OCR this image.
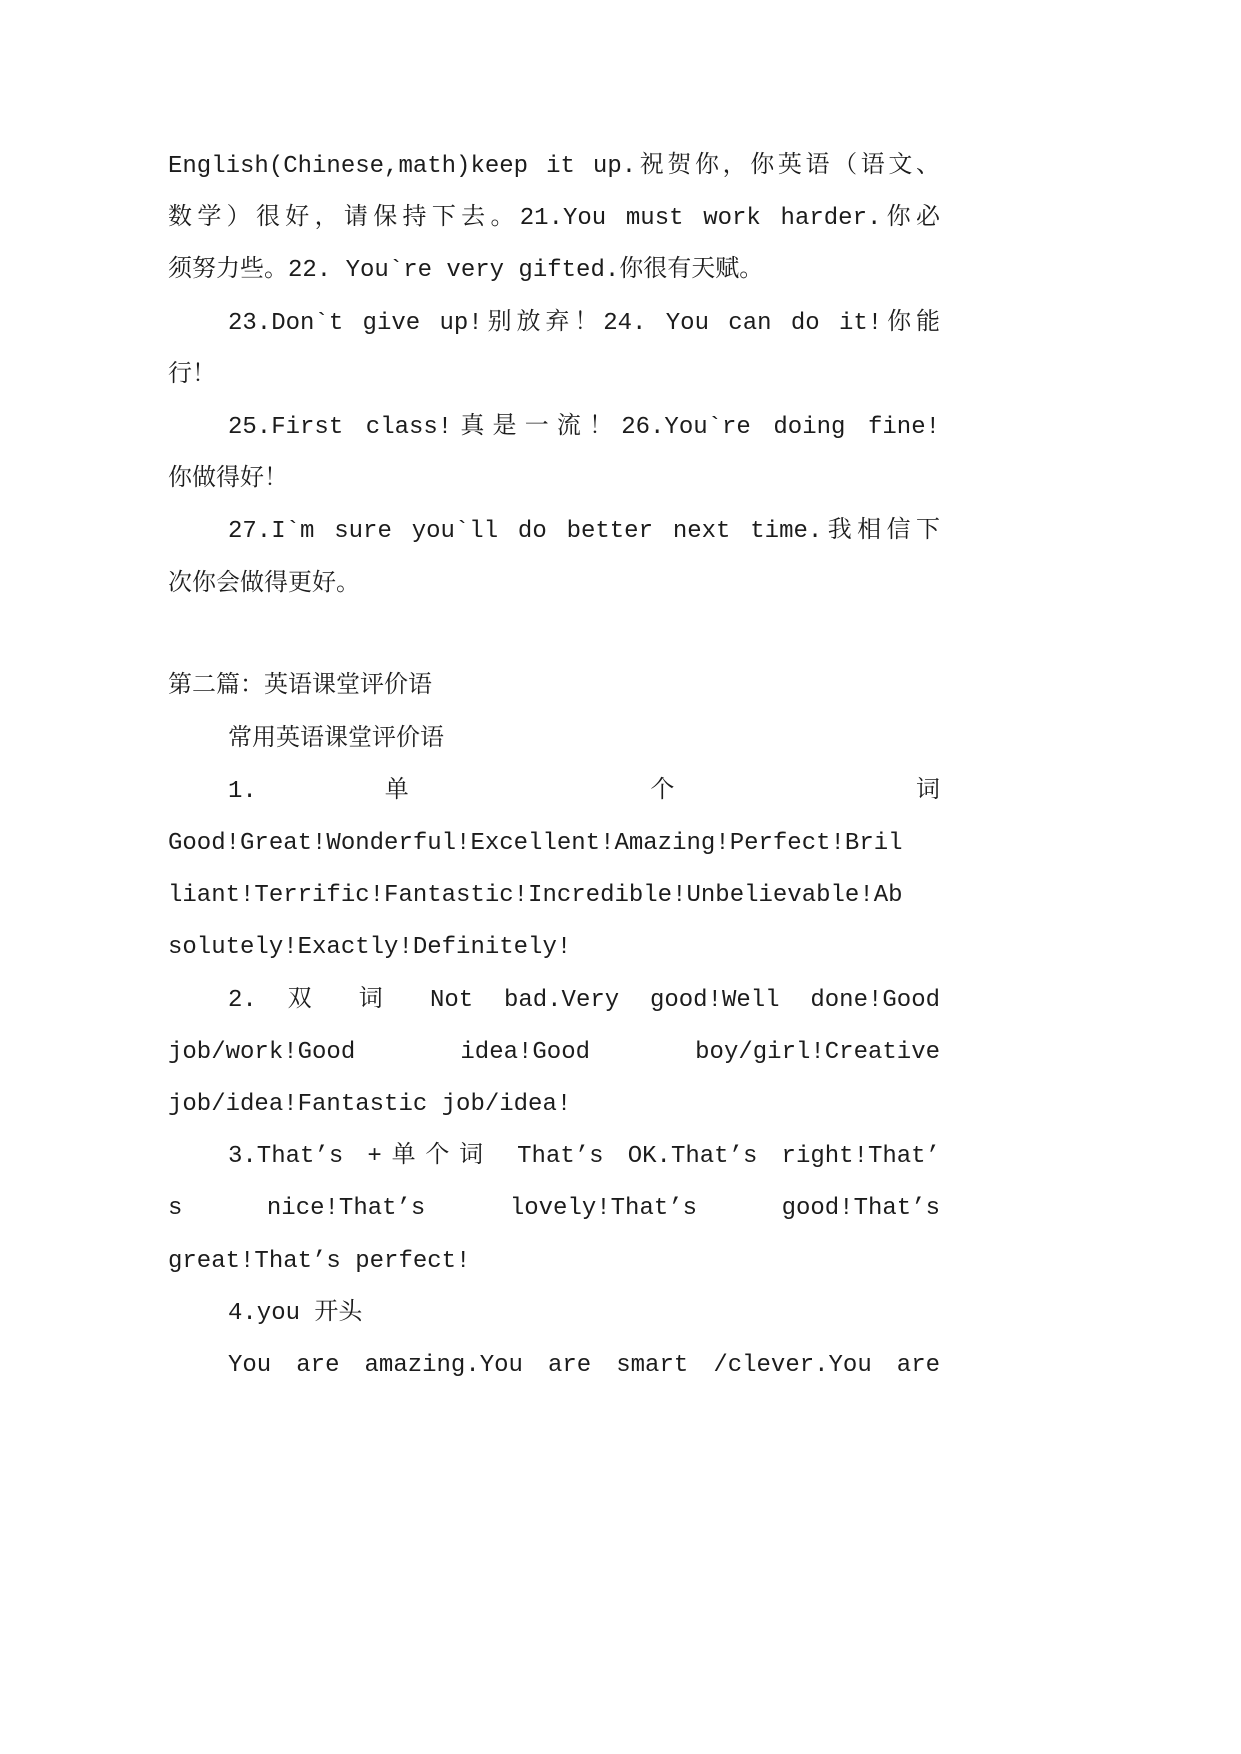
English(Chinese,math)keep it up.祝贺你，你英语（语文、
数学）很好，请保持下去。21.You must work harder.你必
须努力些。22. You`re very gifted.你很有天赋。
23.Don`t give up!别放弃！24. You can do it!你能
行！
25.First class!真是一流！26.You`re doing fine!
你做得好！
27.I`m sure you`ll do better next time.我相信下
次你会做得更好。
第二篇：英语课堂评价语
常用英语课堂评价语
1. 单 个 词
Good!Great!Wonderful!Excellent!Amazing!Perfect!Bril
liant!Terrific!Fantastic!Incredible!Unbelievable!Ab
solutely!Exactly!Definitely!
2. 双 词 Not bad.Very good!Well done!Good
job/work!Good idea!Good boy/girl!Creative
job/idea!Fantastic job/idea!
3.That’s +单个词 That’s OK.That’s right!That’
s nice!That’s lovely!That’s good!That’s
great!That’s perfect!
4.you 开头
You are amazing.You are smart /clever.You are
